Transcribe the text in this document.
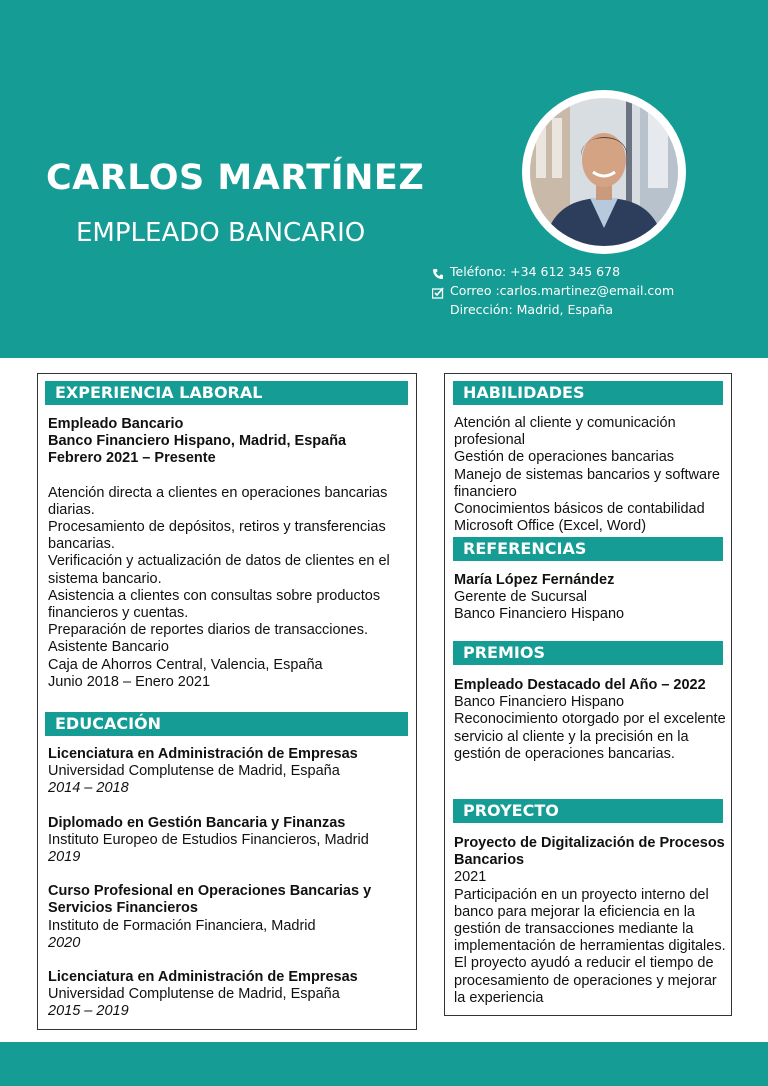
CARLOS MARTÍNEZ
EMPLEADO BANCARIO
Teléfono: +34 612 345 678
Correo :carlos.martinez@email.com
Dirección: Madrid, España
EXPERIENCIA LABORAL
Empleado Bancario
Banco Financiero Hispano, Madrid, España
Febrero 2021 – Presente
Atención directa a clientes en operaciones bancarias diarias.
Procesamiento de depósitos, retiros y transferencias bancarias.
Verificación y actualización de datos de clientes en el sistema bancario.
Asistencia a clientes con consultas sobre productos financieros y cuentas.
Preparación de reportes diarios de transacciones.
Asistente Bancario
Caja de Ahorros Central, Valencia, España
Junio 2018 – Enero 2021
EDUCACIÓN
Licenciatura en Administración de Empresas
Universidad Complutense de Madrid, España
2014 – 2018
Diplomado en Gestión Bancaria y Finanzas
Instituto Europeo de Estudios Financieros, Madrid
2019
Curso Profesional en Operaciones Bancarias y Servicios Financieros
Instituto de Formación Financiera, Madrid
2020
Licenciatura en Administración de Empresas
Universidad Complutense de Madrid, España
2015 – 2019
HABILIDADES
Atención al cliente y comunicación profesional
Gestión de operaciones bancarias
Manejo de sistemas bancarios y software financiero
Conocimientos básicos de contabilidad
Microsoft Office (Excel, Word)
REFERENCIAS
María López Fernández
Gerente de Sucursal
Banco Financiero Hispano
PREMIOS
Empleado Destacado del Año – 2022
Banco Financiero Hispano
Reconocimiento otorgado por el excelente servicio al cliente y la precisión en la gestión de operaciones bancarias.
PROYECTO
Proyecto de Digitalización de Procesos Bancarios
2021
Participación en un proyecto interno del banco para mejorar la eficiencia en la gestión de transacciones mediante la implementación de herramientas digitales. El proyecto ayudó a reducir el tiempo de procesamiento de operaciones y mejorar la experiencia
